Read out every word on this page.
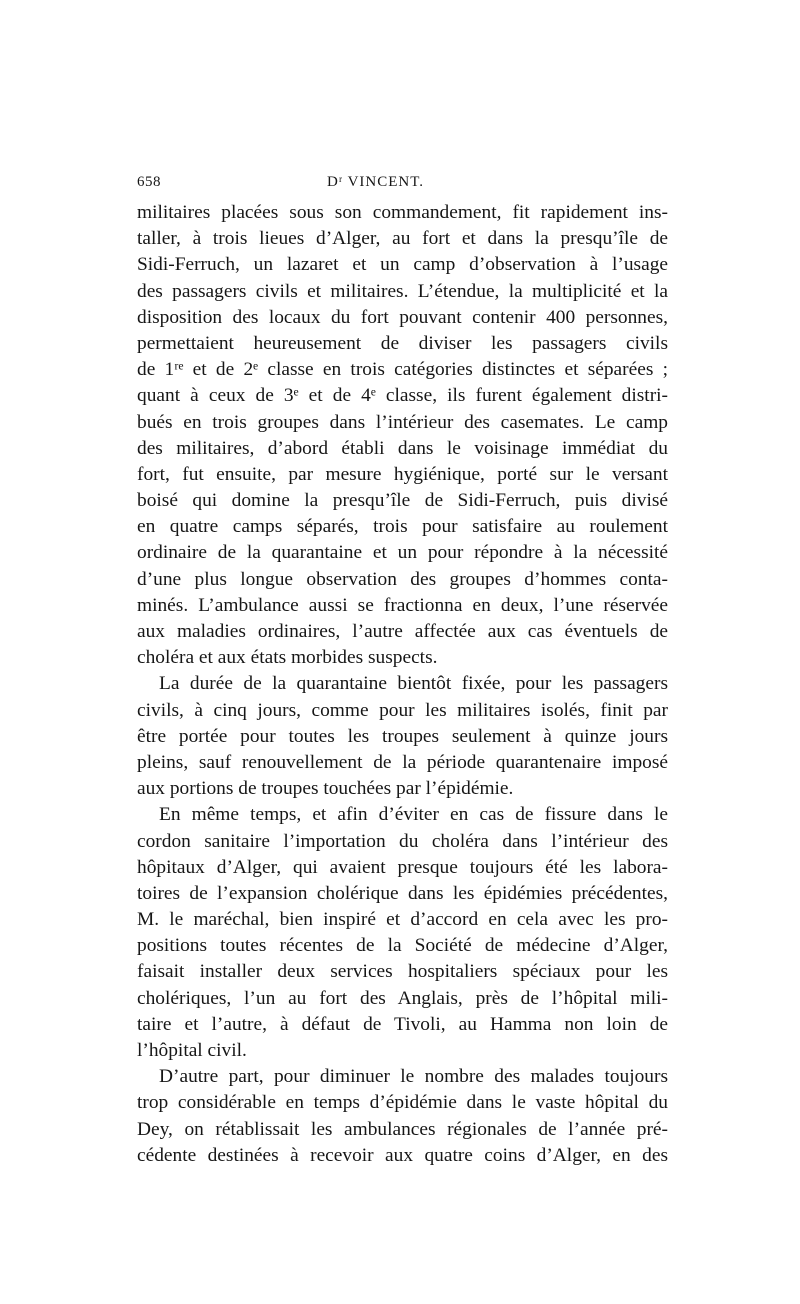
658	Dʳ VINCENT.
militaires placées sous son commandement, fit rapidement ins-
taller, à trois lieues d’Alger, au fort et dans la presqu’île de
Sidi-Ferruch, un lazaret et un camp d’observation à l’usage
des passagers civils et militaires. L’étendue, la multiplicité et la
disposition des locaux du fort pouvant contenir 400 personnes,
permettaient heureusement de diviser les passagers civils
de 1ʳᵉ et de 2ᵉ classe en trois catégories distinctes et séparées ;
quant à ceux de 3ᵉ et de 4ᵉ classe, ils furent également distri-
bués en trois groupes dans l’intérieur des casemates. Le camp
des militaires, d’abord établi dans le voisinage immédiat du
fort, fut ensuite, par mesure hygiénique, porté sur le versant
boisé qui domine la presqu’île de Sidi-Ferruch, puis divisé
en quatre camps séparés, trois pour satisfaire au roulement
ordinaire de la quarantaine et un pour répondre à la nécessité
d’une plus longue observation des groupes d’hommes conta-
minés. L’ambulance aussi se fractionna en deux, l’une réservée
aux maladies ordinaires, l’autre affectée aux cas éventuels de
choléra et aux états morbides suspects.
La durée de la quarantaine bientôt fixée, pour les passagers
civils, à cinq jours, comme pour les militaires isolés, finit par
être portée pour toutes les troupes seulement à quinze jours
pleins, sauf renouvellement de la période quarantenaire imposé
aux portions de troupes touchées par l’épidémie.
En même temps, et afin d’éviter en cas de fissure dans le
cordon sanitaire l’importation du choléra dans l’intérieur des
hôpitaux d’Alger, qui avaient presque toujours été les labora-
toires de l’expansion cholérique dans les épidémies précédentes,
M. le maréchal, bien inspiré et d’accord en cela avec les pro-
positions toutes récentes de la Société de médecine d’Alger,
faisait installer deux services hospitaliers spéciaux pour les
cholériques, l’un au fort des Anglais, près de l’hôpital mili-
taire et l’autre, à défaut de Tivoli, au Hamma non loin de
l’hôpital civil.
D’autre part, pour diminuer le nombre des malades toujours
trop considérable en temps d’épidémie dans le vaste hôpital du
Dey, on rétablissait les ambulances régionales de l’année pré-
cédente destinées à recevoir aux quatre coins d’Alger, en des
